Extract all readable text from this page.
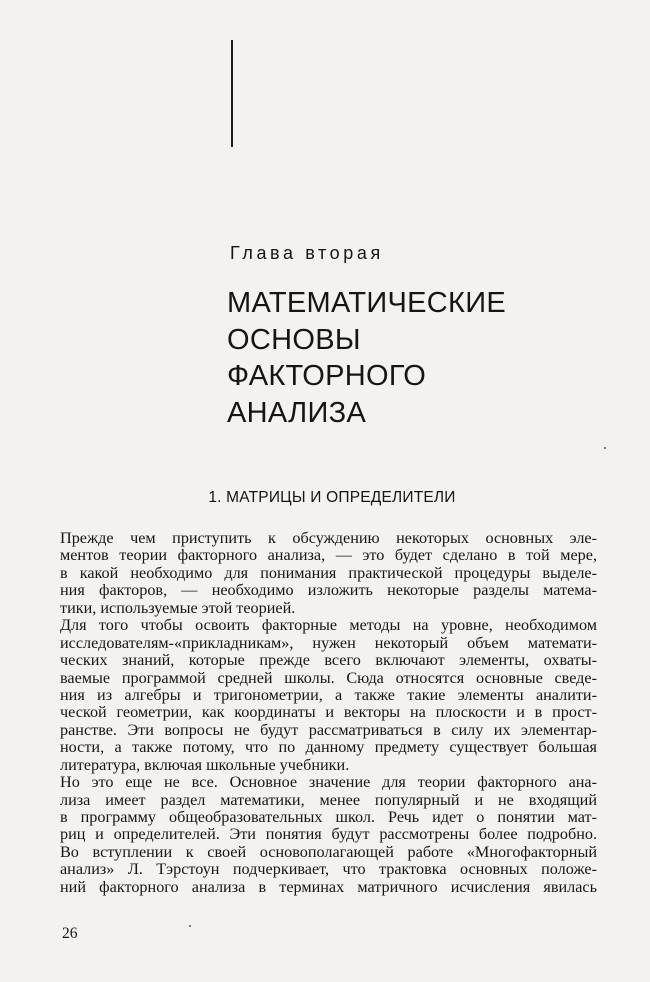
Глава вторая
МАТЕМАТИЧЕСКИЕ
ОСНОВЫ
ФАКТОРНОГО
АНАЛИЗА
1. МАТРИЦЫ И ОПРЕДЕЛИТЕЛИ

Прежде чем приступить к обсуждению некоторых основных эле-
ментов теории факторного анализа, — это будет сделано в той мере,
в какой необходимо для понимания практической процедуры выделе-
ния факторов, — необходимо изложить некоторые разделы матема-
тики, используемые этой теорией.

Для того чтобы освоить факторные методы на уровне, необходимом
исследователям-«прикладникам», нужен некоторый объем математи-
ческих знаний, которые прежде всего включают элементы, охваты-
ваемые программой средней школы. Сюда относятся основные сведе-
ния из алгебры и тригонометрии, а также такие элементы аналити-
ческой геометрии, как координаты и векторы на плоскости и в прост-
ранстве. Эти вопросы не будут рассматриваться в силу их элементар-
ности, а также потому, что по данному предмету существует большая
литература, включая школьные учебники.

Но это еще не все. Основное значение для теории факторного ана-
лиза имеет раздел математики, менее популярный и не входящий
в программу общеобразовательных школ. Речь идет о понятии мат-
риц и определителей. Эти понятия будут рассмотрены более подробно.

Во вступлении к своей основополагающей работе «Многофакторный
анализ» Л. Тэрстоун подчеркивает, что трактовка основных положе-
ний факторного анализа в терминах матричного исчисления явилась

26
